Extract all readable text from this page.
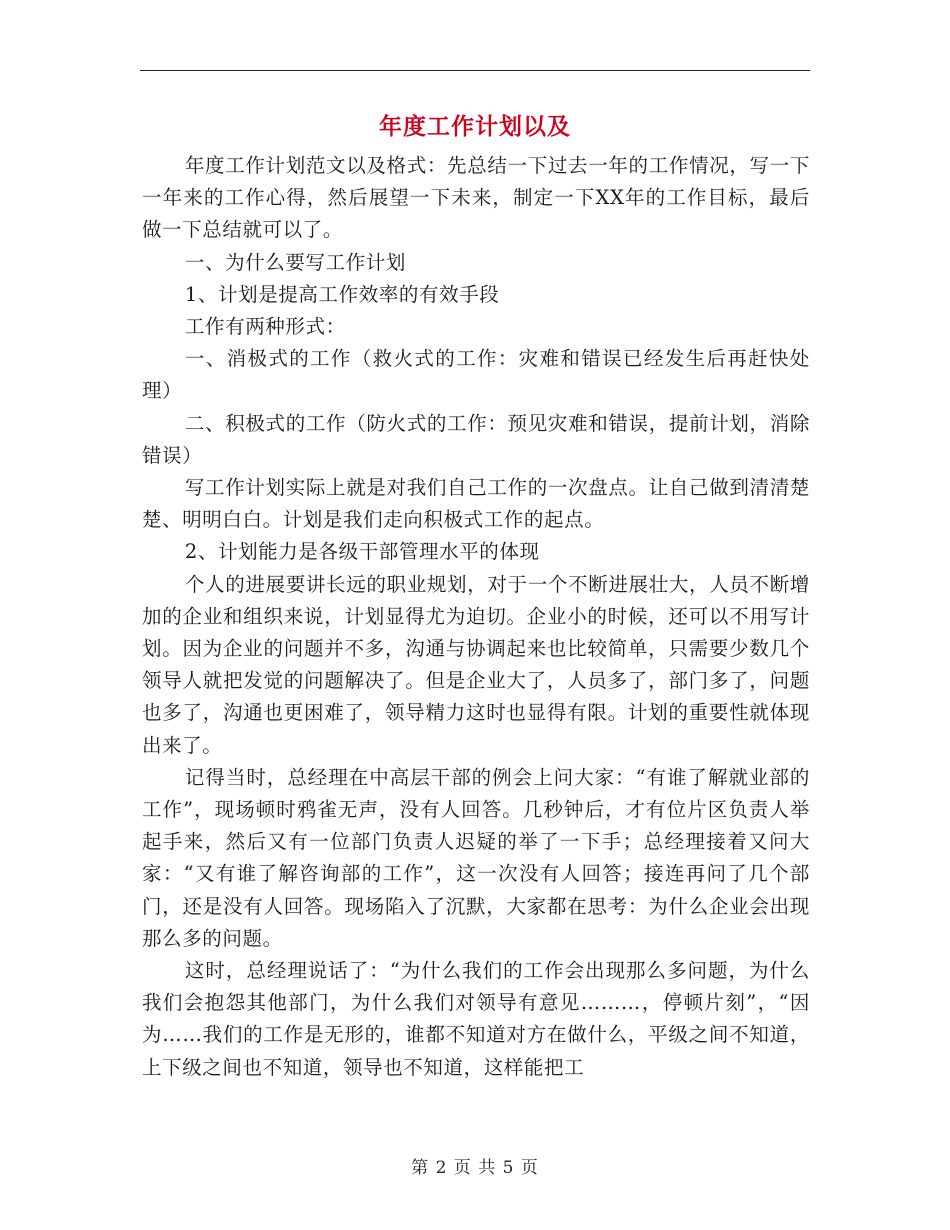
年度工作计划以及

年度工作计划范文以及格式：先总结一下过去一年的工作情况，写一下一年来的工作心得，然后展望一下未来，制定一下XX年的工作目标，最后做一下总结就可以了。

一、为什么要写工作计划

1、计划是提高工作效率的有效手段

工作有两种形式：

一、消极式的工作（救火式的工作：灾难和错误已经发生后再赶快处理）

二、积极式的工作（防火式的工作：预见灾难和错误，提前计划，消除错误）

写工作计划实际上就是对我们自己工作的一次盘点。让自己做到清清楚楚、明明白白。计划是我们走向积极式工作的起点。

2、计划能力是各级干部管理水平的体现

个人的进展要讲长远的职业规划，对于一个不断进展壮大，人员不断增加的企业和组织来说，计划显得尤为迫切。企业小的时候，还可以不用写计划。因为企业的问题并不多，沟通与协调起来也比较简单，只需要少数几个领导人就把发觉的问题解决了。但是企业大了，人员多了，部门多了，问题也多了，沟通也更困难了，领导精力这时也显得有限。计划的重要性就体现出来了。

记得当时，总经理在中高层干部的例会上问大家：“有谁了解就业部的工作”，现场顿时鸦雀无声，没有人回答。几秒钟后，才有位片区负责人举起手来，然后又有一位部门负责人迟疑的举了一下手；总经理接着又问大家：“又有谁了解咨询部的工作”，这一次没有人回答；接连再问了几个部门，还是没有人回答。现场陷入了沉默，大家都在思考：为什么企业会出现那么多的问题。

这时，总经理说话了：“为什么我们的工作会出现那么多问题，为什么我们会抱怨其他部门，为什么我们对领导有意见………，停顿片刻”，“因为……我们的工作是无形的，谁都不知道对方在做什么，平级之间不知道，上下级之间也不知道，领导也不知道，这样能把工

第 2 页 共 5 页
